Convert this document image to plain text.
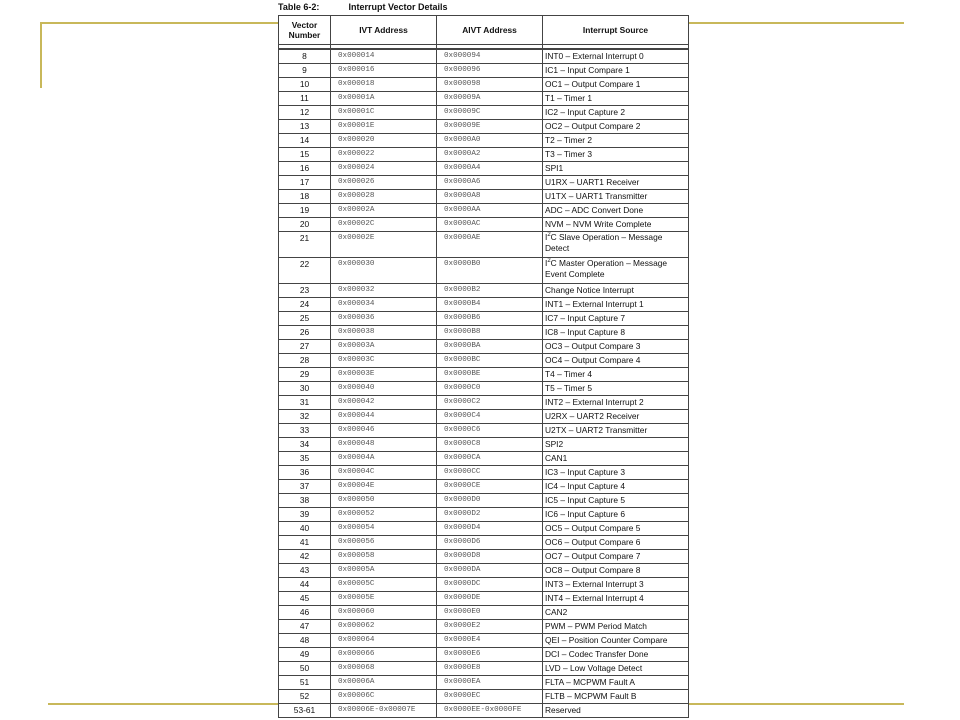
Table 6-2:	Interrupt Vector Details
Vector Number	IVT Address	AIVT Address	Interrupt Source

8	0x000014	0x000094	INT0 – External Interrupt 0
9	0x000016	0x000096	IC1 – Input Compare 1
10	0x000018	0x000098	OC1 – Output Compare 1
11	0x00001A	0x00009A	T1 – Timer 1
12	0x00001C	0x00009C	IC2 – Input Capture 2
13	0x00001E	0x00009E	OC2 – Output Compare 2
14	0x000020	0x0000A0	T2 – Timer 2
15	0x000022	0x0000A2	T3 – Timer 3
16	0x000024	0x0000A4	SPI1
17	0x000026	0x0000A6	U1RX – UART1 Receiver
18	0x000028	0x0000A8	U1TX – UART1 Transmitter
19	0x00002A	0x0000AA	ADC – ADC Convert Done
20	0x00002C	0x0000AC	NVM – NVM Write Complete
21	0x00002E	0x0000AE	$I^2C$ Slave Operation – Message Detect
22	0x000030	0x0000B0	$I^2C$ Master Operation – Message Event Complete
23	0x000032	0x0000B2	Change Notice Interrupt
24	0x000034	0x0000B4	INT1 – External Interrupt 1
25	0x000036	0x0000B6	IC7 – Input Capture 7
26	0x000038	0x0000B8	IC8 – Input Capture 8
27	0x00003A	0x0000BA	OC3 – Output Compare 3
28	0x00003C	0x0000BC	OC4 – Output Compare 4
29	0x00003E	0x0000BE	T4 – Timer 4
30	0x000040	0x0000C0	T5 – Timer 5
31	0x000042	0x0000C2	INT2 – External Interrupt 2
32	0x000044	0x0000C4	U2RX – UART2 Receiver
33	0x000046	0x0000C6	U2TX – UART2 Transmitter
34	0x000048	0x0000C8	SPI2
35	0x00004A	0x0000CA	CAN1
36	0x00004C	0x0000CC	IC3 – Input Capture 3
37	0x00004E	0x0000CE	IC4 – Input Capture 4
38	0x000050	0x0000D0	IC5 – Input Capture 5
39	0x000052	0x0000D2	IC6 – Input Capture 6
40	0x000054	0x0000D4	OC5 – Output Compare 5
41	0x000056	0x0000D6	OC6 – Output Compare 6
42	0x000058	0x0000D8	OC7 – Output Compare 7
43	0x00005A	0x0000DA	OC8 – Output Compare 8
44	0x00005C	0x0000DC	INT3 – External Interrupt 3
45	0x00005E	0x0000DE	INT4 – External Interrupt 4
46	0x000060	0x0000E0	CAN2
47	0x000062	0x0000E2	PWM – PWM Period Match
48	0x000064	0x0000E4	QEI – Position Counter Compare
49	0x000066	0x0000E6	DCI – Codec Transfer Done
50	0x000068	0x0000E8	LVD – Low Voltage Detect
51	0x00006A	0x0000EA	FLTA – MCPWM Fault A
52	0x00006C	0x0000EC	FLTB – MCPWM Fault B
53-61	0x00006E-0x00007E	0x0000EE-0x0000FE	Reserved
